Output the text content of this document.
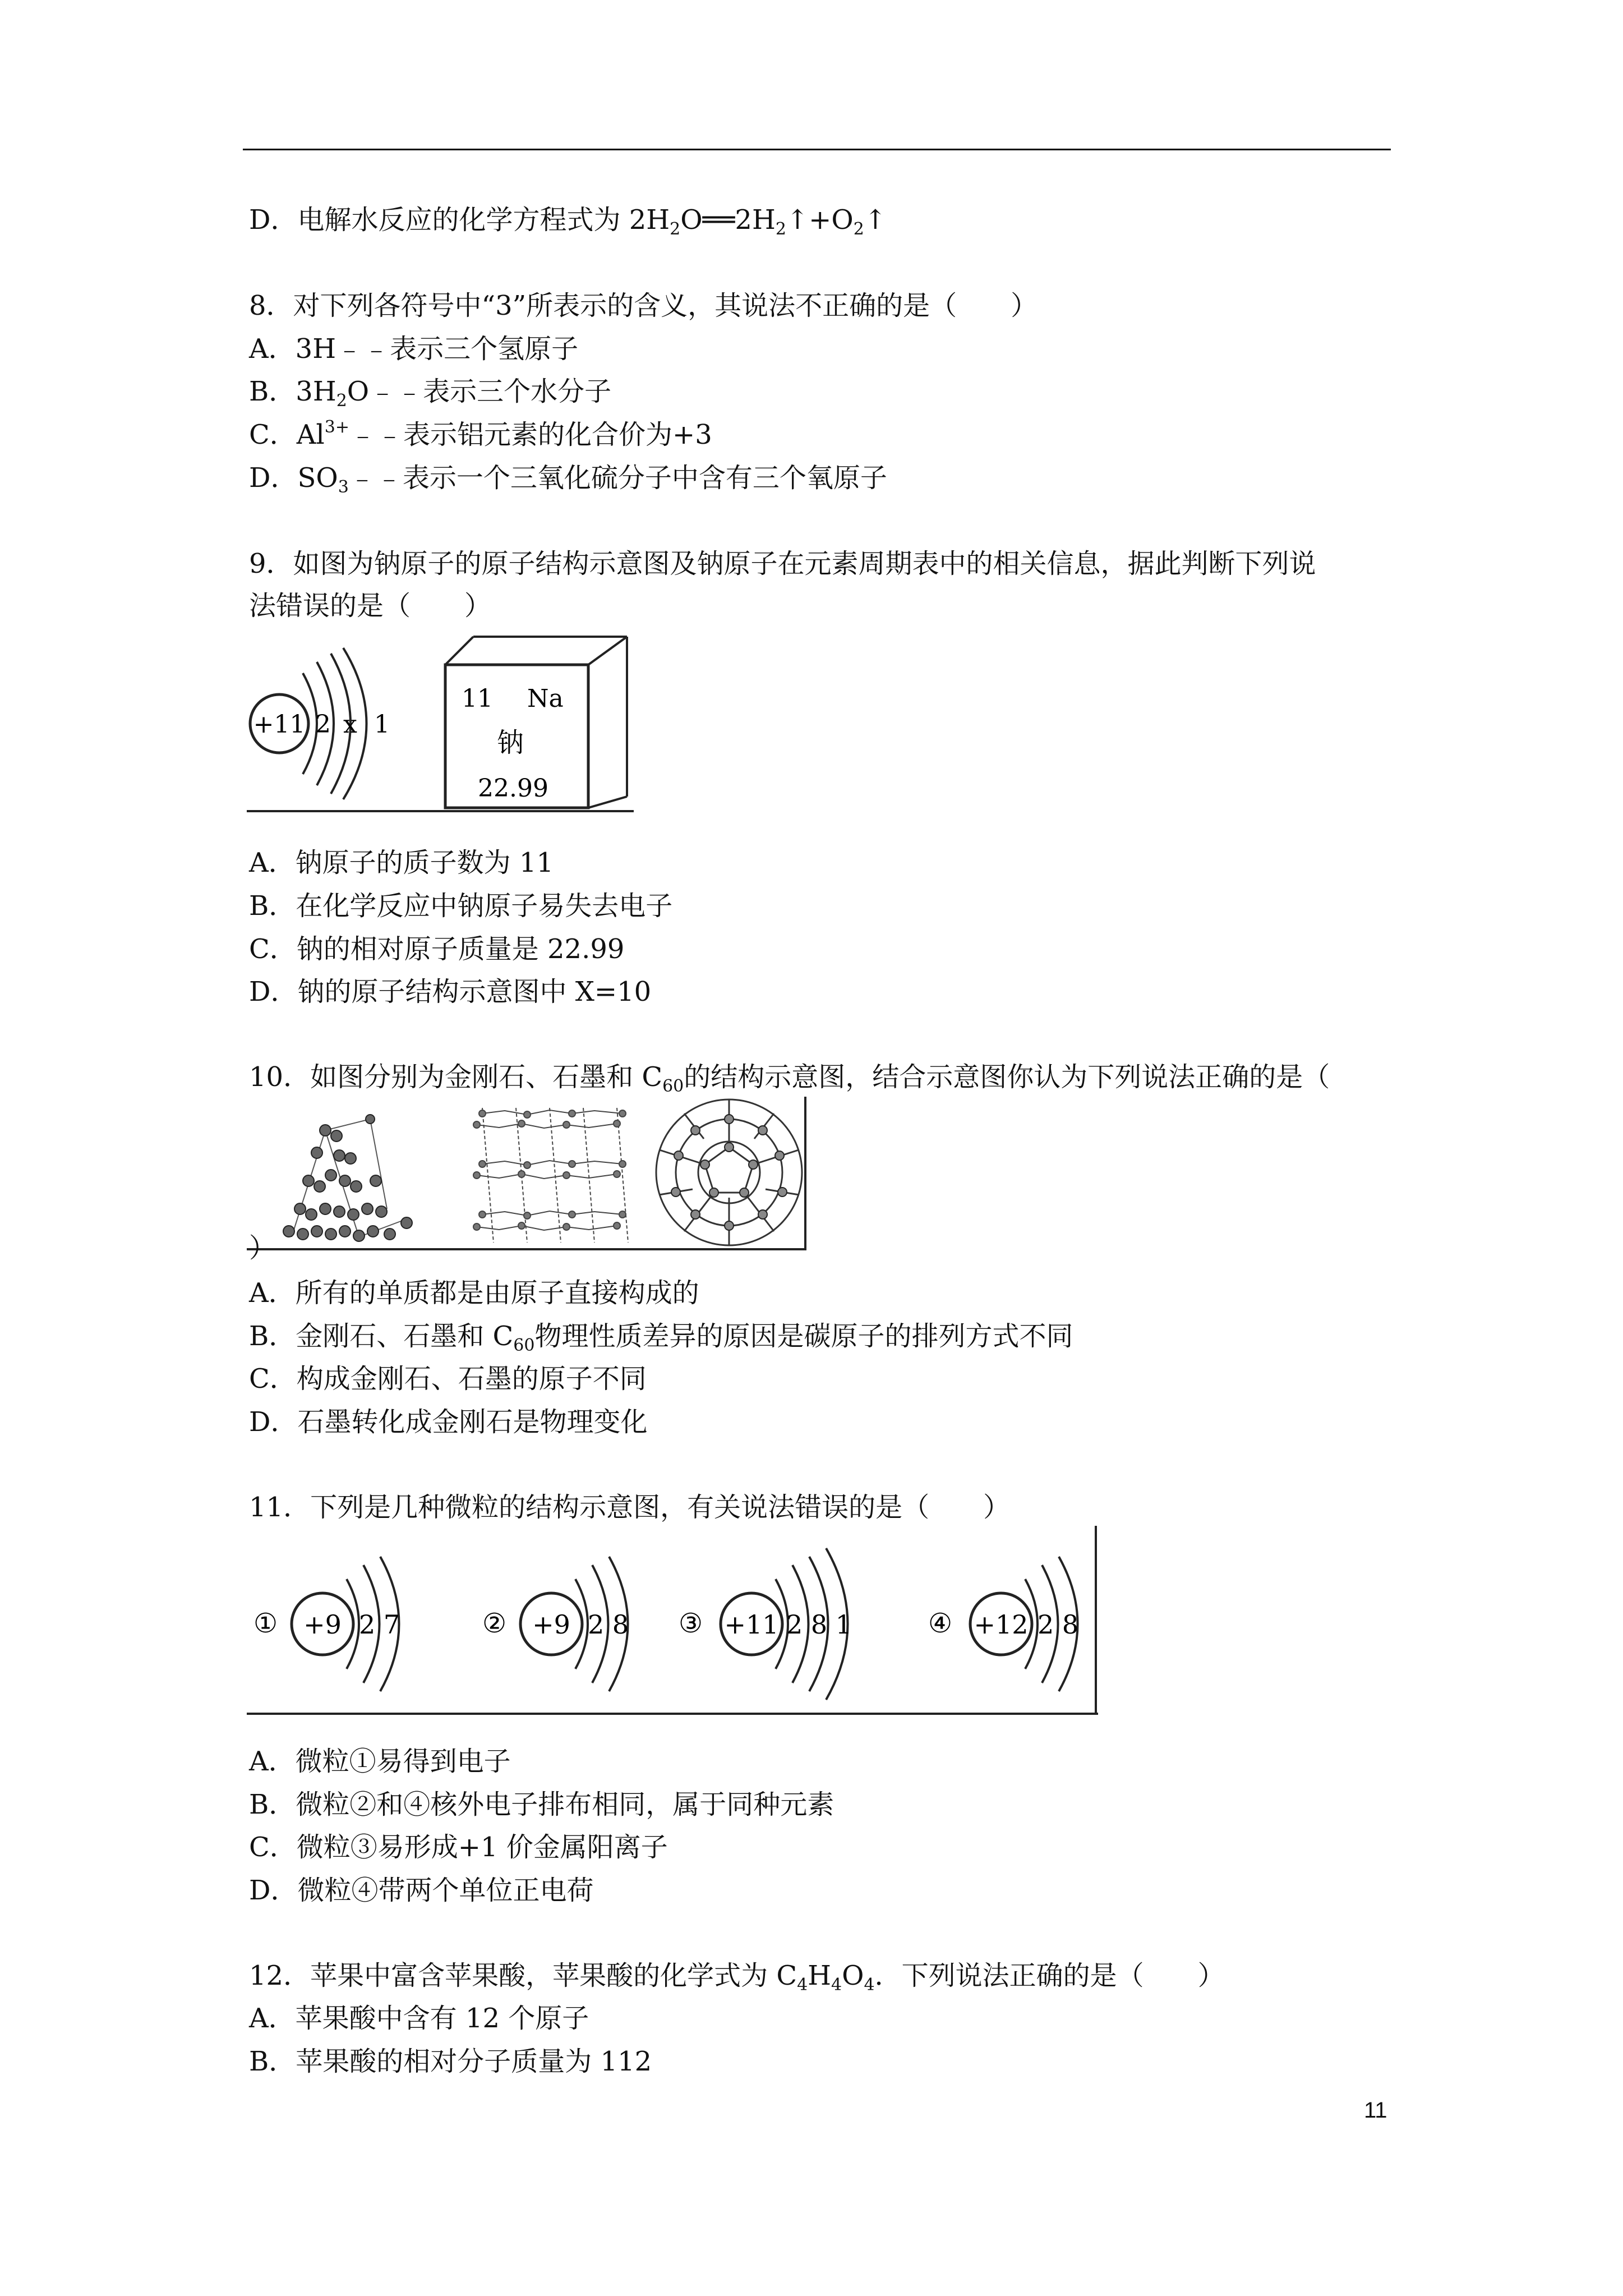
D．电解水反应的化学方程式为 $2H_2O══2H_2↑+O_2↑$
8．对下列各符号中“3”所表示的含义，其说法不正确的是（　　）
A．3H﹣﹣表示三个氢原子
B．$3H_2O﹣﹣$表示三个水分子
C．$Al^{3+}﹣﹣$表示铝元素的化合价为+3
D．$SO_3﹣﹣$表示一个三氧化硫分子中含有三个氧原子
9．如图为钠原子的原子结构示意图及钠原子在元素周期表中的相关信息，据此判断下列说
法错误的是（　　）
+11 2 x 1
11 Na
钠
22.99
A．钠原子的质子数为 11
B．在化学反应中钠原子易失去电子
C．钠的相对原子质量是 22.99
D．钠的原子结构示意图中 X=10
10．如图分别为金刚石、石墨和 $C_{60}$的结构示意图，结合示意图你认为下列说法正确的是（
）
A．所有的单质都是由原子直接构成的
B．金刚石、石墨和 $C_{60}$物理性质差异的原因是碳原子的排列方式不同
C．构成金刚石、石墨的原子不同
D．石墨转化成金刚石是物理变化
11．下列是几种微粒的结构示意图，有关说法错误的是（　　）
① +9 2 7	② +9 2 8 ③ +11 2 8 1	④ +12 2 8
A．微粒①易得到电子
B．微粒②和④核外电子排布相同，属于同种元素
C．微粒③易形成+1 价金属阳离子
D．微粒④带两个单位正电荷
12．苹果中富含苹果酸，苹果酸的化学式为 $C_4H_4O_4$．下列说法正确的是（　　）
A．苹果酸中含有 12 个原子
B．苹果酸的相对分子质量为 112
11
